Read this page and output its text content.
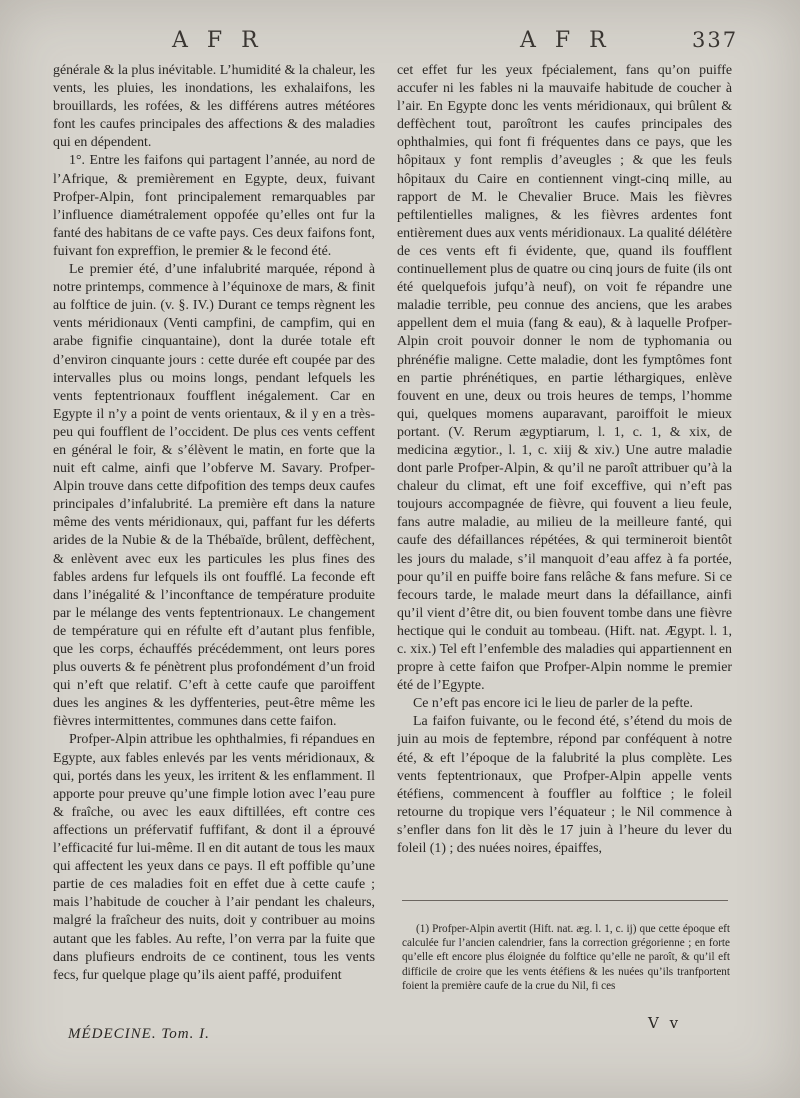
A F R	A F R	337

générale & la plus inévitable. L’humidité & la chaleur, les vents, les pluies, les inondations, les exhalaifons, les brouillards, les rofées, & les différens autres météores font les caufes principales des affections & des maladies qui en dépendent.

1°. Entre les faifons qui partagent l’année, au nord de l’Afrique, & premièrement en Egypte, deux, fuivant Profper-Alpin, font principalement remarquables par l’influence diamétralement oppofée qu’elles ont fur la fanté des habitans de ce vafte pays. Ces deux faifons font, fuivant fon expreffion, le premier & le fecond été.

Le premier été, d’une infalubrité marquée, répond à notre printemps, commence à l’équinoxe de mars, & finit au folftice de juin. (v. §. IV.) Durant ce temps règnent les vents méridionaux (Venti campfini, de campfim, qui en arabe fignifie cinquantaine), dont la durée totale eft d’environ cinquante jours : cette durée eft coupée par des intervalles plus ou moins longs, pendant lefquels les vents feptentrionaux foufflent inégalement. Car en Egypte il n’y a point de vents orientaux, & il y en a très-peu qui foufflent de l’occident. De plus ces vents ceffent en général le foir, & s’élèvent le matin, en forte que la nuit eft calme, ainfi que l’obferve M. Savary. Profper-Alpin trouve dans cette difpofition des temps deux caufes principales d’infalubrité. La première eft dans la nature même des vents méridionaux, qui, paffant fur les déferts arides de la Nubie & de la Thébaïde, brûlent, deffèchent, & enlèvent avec eux les particules les plus fines des fables ardens fur lefquels ils ont foufflé. La feconde eft dans l’inégalité & l’inconftance de température produite par le mélange des vents feptentrionaux. Le changement de température qui en réfulte eft d’autant plus fenfible, que les corps, échauffés précédemment, ont leurs pores plus ouverts & fe pénètrent plus profondément d’un froid qui n’eft que relatif. C’eft à cette caufe que paroiffent dues les angines & les dyffenteries, peut-être même les fièvres intermittentes, communes dans cette faifon.

Profper-Alpin attribue les ophthalmies, fi répandues en Egypte, aux fables enlevés par les vents méridionaux, & qui, portés dans les yeux, les irritent & les enflamment. Il apporte pour preuve qu’une fimple lotion avec l’eau pure & fraîche, ou avec les eaux diftillées, eft contre ces affections un préfervatif fuffifant, & dont il a éprouvé l’efficacité fur lui-même. Il en dit autant de tous les maux qui affectent les yeux dans ce pays. Il eft poffible qu’une partie de ces maladies foit en effet due à cette caufe ; mais l’habitude de coucher à l’air pendant les chaleurs, malgré la fraîcheur des nuits, doit y contribuer au moins autant que les fables. Au refte, l’on verra par la fuite que dans plufieurs endroits de ce continent, tous les vents fecs, fur quelque plage qu’ils aient paffé, produifent

cet effet fur les yeux fpécialement, fans qu’on puiffe accufer ni les fables ni la mauvaife habitude de coucher à l’air. En Egypte donc les vents méridionaux, qui brûlent & deffèchent tout, paroîtront les caufes principales des ophthalmies, qui font fi fréquentes dans ce pays, que les hôpitaux y font remplis d’aveugles ; & que les feuls hôpitaux du Caire en contiennent vingt-cinq mille, au rapport de M. le Chevalier Bruce. Mais les fièvres peftilentielles malignes, & les fièvres ardentes font entièrement dues aux vents méridionaux. La qualité délétère de ces vents eft fi évidente, que, quand ils foufflent continuellement plus de quatre ou cinq jours de fuite (ils ont été quelquefois jufqu’à neuf), on voit fe répandre une maladie terrible, peu connue des anciens, que les arabes appellent dem el muia (fang & eau), & à laquelle Profper-Alpin croit pouvoir donner le nom de typhomania ou phrénéfie maligne. Cette maladie, dont les fymptômes font en partie phrénétiques, en partie léthargiques, enlève fouvent en une, deux ou trois heures de temps, l’homme qui, quelques momens auparavant, paroiffoit le mieux portant. (V. Rerum ægyptiarum, l. 1, c. 1, & xix, de medicina ægytior., l. 1, c. xiij & xiv.) Une autre maladie dont parle Profper-Alpin, & qu’il ne paroît attribuer qu’à la chaleur du climat, eft une foif exceffive, qui n’eft pas toujours accompagnée de fièvre, qui fouvent a lieu feule, fans autre maladie, au milieu de la meilleure fanté, qui caufe des défaillances répétées, & qui termineroit bientôt les jours du malade, s’il manquoit d’eau affez à fa portée, pour qu’il en puiffe boire fans relâche & fans mefure. Si ce fecours tarde, le malade meurt dans la défaillance, ainfi qu’il vient d’être dit, ou bien fouvent tombe dans une fièvre hectique qui le conduit au tombeau. (Hift. nat. Ægypt. l. 1, c. xix.) Tel eft l’enfemble des maladies qui appartiennent en propre à cette faifon que Profper-Alpin nomme le premier été de l’Egypte.

Ce n’eft pas encore ici le lieu de parler de la pefte.

La faifon fuivante, ou le fecond été, s’étend du mois de juin au mois de feptembre, répond par conféquent à notre été, & eft l’époque de la falubrité la plus complète. Les vents feptentrionaux, que Profper-Alpin appelle vents étéfiens, commencent à fouffler au folftice ; le foleil retourne du tropique vers l’équateur ; le Nil commence à s’enfler dans fon lit dès le 17 juin à l’heure du lever du foleil (1) ; des nuées noires, épaiffes,

(1) Profper-Alpin avertit (Hift. nat. æg. l. 1, c. ij) que cette époque eft calculée fur l’ancien calendrier, fans la correction grégorienne ; en forte qu’elle eft encore plus éloignée du folftice qu’elle ne paroît, & qu’il eft difficile de croire que les vents étéfiens & les nuées qu’ils tranfportent foient la première caufe de la crue du Nil, fi ces

V v
MÉDECINE. Tom. I.
